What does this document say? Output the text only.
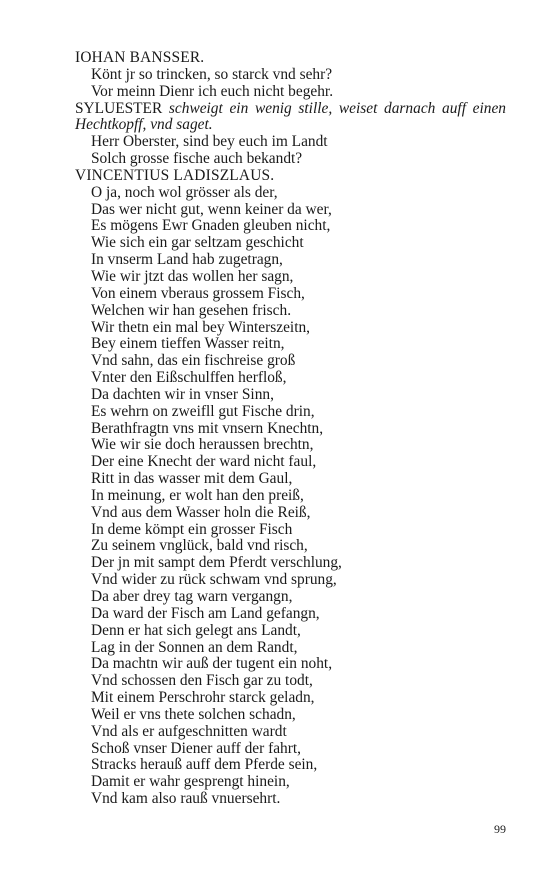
IOHAN BANSSER.
Könt jr so trincken, so starck vnd sehr?
Vor meinn Dienr ich euch nicht begehr.
SYLUESTER schweigt ein wenig stille, weiset darnach auff einen Hechtkopff, vnd saget.
Herr Oberster, sind bey euch im Landt
Solch grosse fische auch bekandt?
VINCENTIUS LADISZLAUS.
O ja, noch wol grösser als der,
Das wer nicht gut, wenn keiner da wer,
Es mögens Ewr Gnaden gleuben nicht,
Wie sich ein gar seltzam geschicht
In vnserm Land hab zugetragn,
Wie wir jtzt das wollen her sagn,
Von einem vberaus grossem Fisch,
Welchen wir han gesehen frisch.
Wir thetn ein mal bey Winterszeitn,
Bey einem tieffen Wasser reitn,
Vnd sahn, das ein fischreise groß
Vnter den Eißschulffen herfloß,
Da dachten wir in vnser Sinn,
Es wehrn on zweifll gut Fische drin,
Berathfragtn vns mit vnsern Knechtn,
Wie wir sie doch heraussen brechtn,
Der eine Knecht der ward nicht faul,
Ritt in das wasser mit dem Gaul,
In meinung, er wolt han den preiß,
Vnd aus dem Wasser holn die Reiß,
In deme kömpt ein grosser Fisch
Zu seinem vnglück, bald vnd risch,
Der jn mit sampt dem Pferdt verschlung,
Vnd wider zu rück schwam vnd sprung,
Da aber drey tag warn vergangn,
Da ward der Fisch am Land gefangn,
Denn er hat sich gelegt ans Landt,
Lag in der Sonnen an dem Randt,
Da machtn wir auß der tugent ein noht,
Vnd schossen den Fisch gar zu todt,
Mit einem Perschrohr starck geladn,
Weil er vns thete solchen schadn,
Vnd als er aufgeschnitten wardt
Schoß vnser Diener auff der fahrt,
Stracks herauß auff dem Pferde sein,
Damit er wahr gesprengt hinein,
Vnd kam also rauß vnuersehrt.
99
